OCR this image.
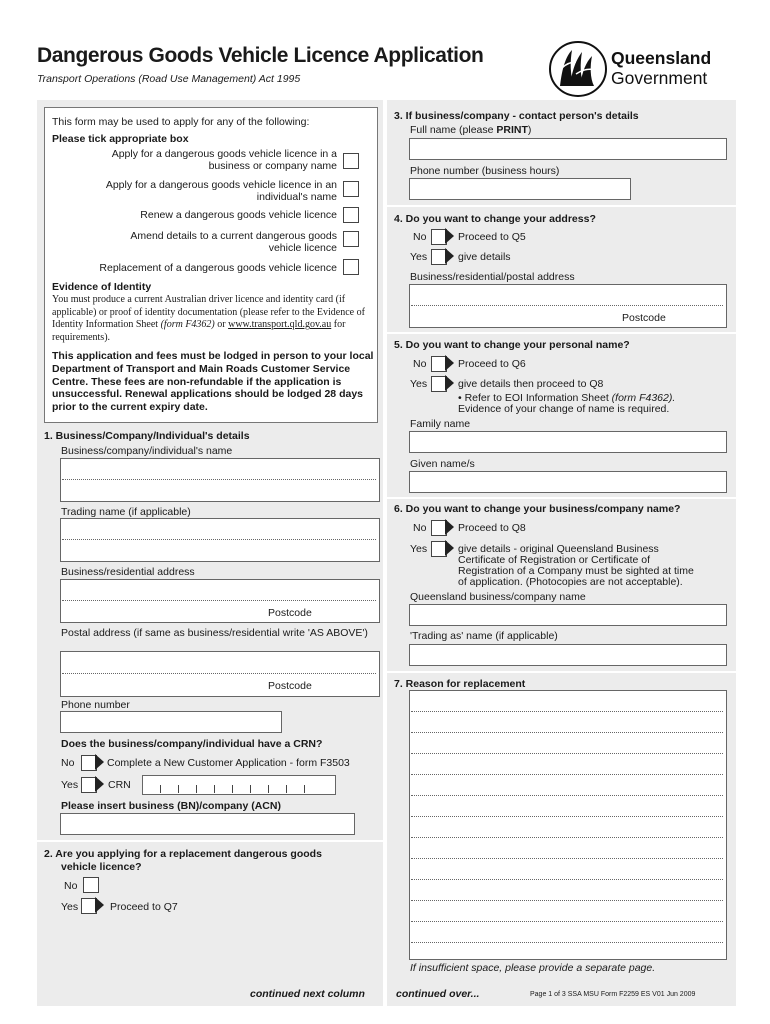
Dangerous Goods Vehicle Licence Application
Transport Operations (Road Use Management) Act 1995
Queensland
Government
This form may be used to apply for any of the following:
Please tick appropriate box
Apply for a dangerous goods vehicle licence in a
business or company name
Apply for a dangerous goods vehicle licence in an
individual's name
Renew a dangerous goods vehicle licence
Amend details to a current dangerous goods
vehicle licence
Replacement of a dangerous goods vehicle licence
Evidence of Identity
You must produce a current Australian driver licence and identity card (if applicable) or proof of identity documentation (please refer to the Evidence of Identity Information Sheet (form F4362) or www.transport.qld.gov.au for requirements).
This application and fees must be lodged in person to your local Department of Transport and Main Roads Customer Service Centre. These fees are non-refundable if the application is unsuccessful. Renewal applications should be lodged 28 days prior to the current expiry date.
1. Business/Company/Individual's details
Business/company/individual's name
Trading name (if applicable)
Business/residential address
Postcode
Postal address (if same as business/residential write 'AS ABOVE')
Postcode
Phone number
Does the business/company/individual have a CRN?
No	Complete a New Customer Application - form F3503
Yes	CRN
Please insert business (BN)/company (ACN)
2. Are you applying for a replacement dangerous goods
vehicle licence?
No
Yes	Proceed to Q7
3. If business/company - contact person's details
Full name (please PRINT)
Phone number (business hours)
4. Do you want to change your address?
No	Proceed to Q5
Yes	give details
Business/residential/postal address
Postcode
5. Do you want to change your personal name?
No	Proceed to Q6
Yes	give details then proceed to Q8
• Refer to EOI Information Sheet (form F4362).
Evidence of your change of name is required.
Family name
Given name/s
6. Do you want to change your business/company name?
No	Proceed to Q8
Yes	give details - original Queensland Business
Certificate of Registration or Certificate of
Registration of a Company must be sighted at time
of application. (Photocopies are not acceptable).
Queensland business/company name
'Trading as' name (if applicable)
7. Reason for replacement
If insufficient space, please provide a separate page.
continued next column	continued over...	Page 1 of 3 SSA MSU Form F2259 ES V01 Jun 2009
